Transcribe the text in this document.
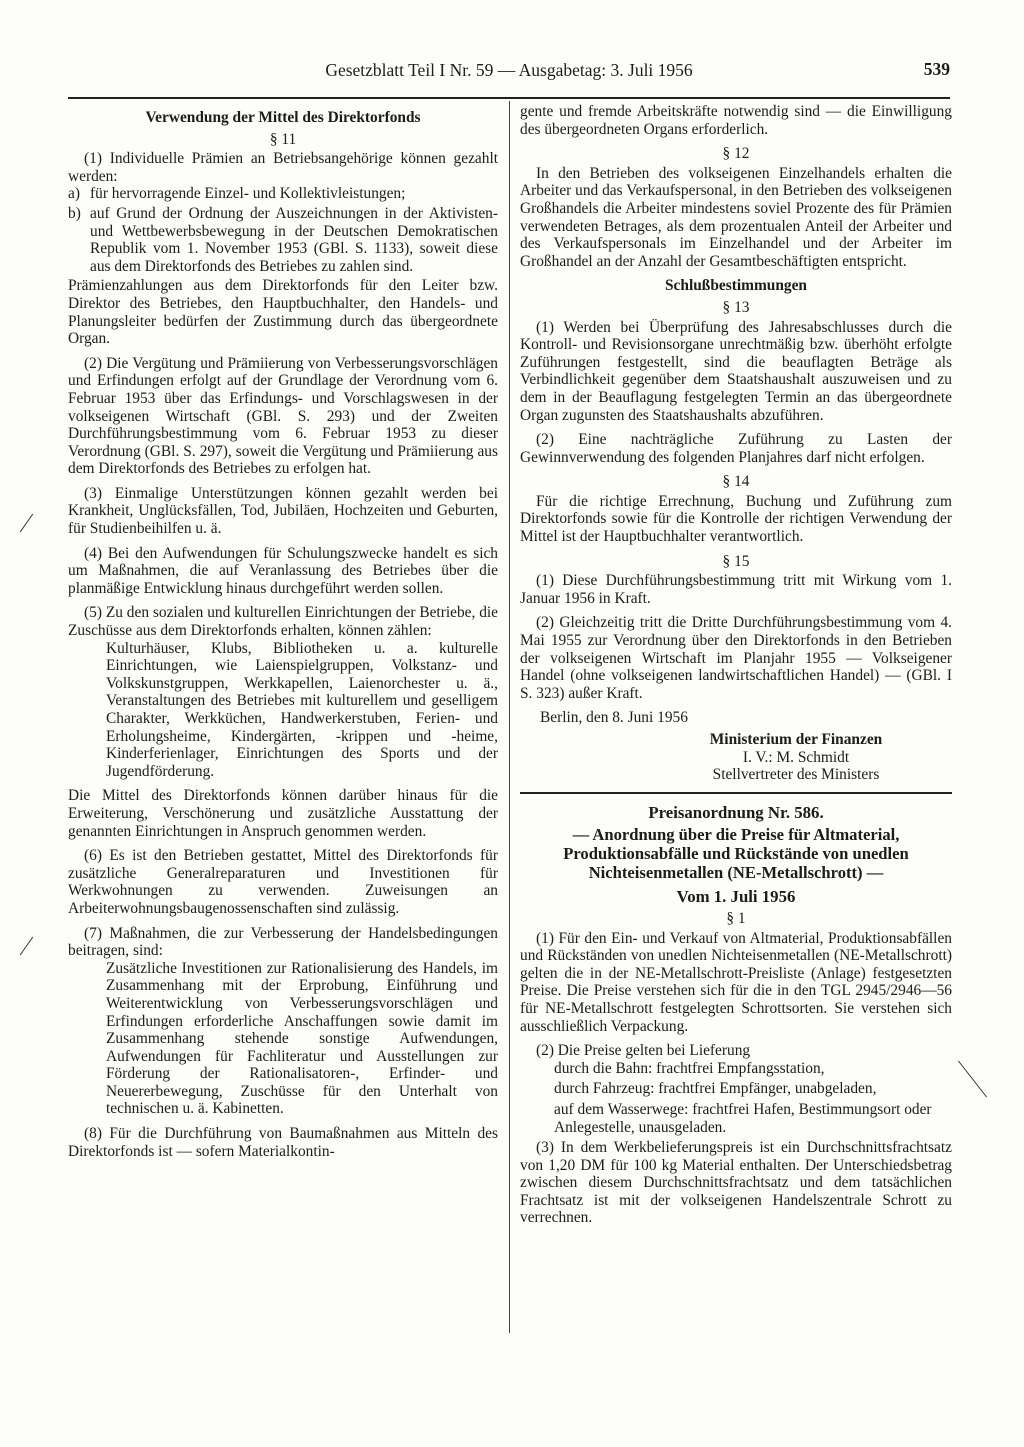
Gesetzblatt Teil I Nr. 59 — Ausgabetag: 3. Juli 1956	539
Verwendung der Mittel des Direktorfonds
§ 11

(1) Individuelle Prämien an Betriebsangehörige können gezahlt werden:

a) für hervorragende Einzel- und Kollektivleistungen;
b) auf Grund der Ordnung der Auszeichnungen in der Aktivisten- und Wettbewerbsbewegung in der Deutschen Demokratischen Republik vom 1. November 1953 (GBl. S. 1133), soweit diese aus dem Direktorfonds des Betriebes zu zahlen sind.

Prämienzahlungen aus dem Direktorfonds für den Leiter bzw. Direktor des Betriebes, den Hauptbuchhalter, den Handels- und Planungsleiter bedürfen der Zustimmung durch das übergeordnete Organ.

(2) Die Vergütung und Prämiierung von Verbesserungsvorschlägen und Erfindungen erfolgt auf der Grundlage der Verordnung vom 6. Februar 1953 über das Erfindungs- und Vorschlagswesen in der volkseigenen Wirtschaft (GBl. S. 293) und der Zweiten Durchführungsbestimmung vom 6. Februar 1953 zu dieser Verordnung (GBl. S. 297), soweit die Vergütung und Prämiierung aus dem Direktorfonds des Betriebes zu erfolgen hat.

(3) Einmalige Unterstützungen können gezahlt werden bei Krankheit, Unglücksfällen, Tod, Jubiläen, Hochzeiten und Geburten, für Studienbeihilfen u. ä.

(4) Bei den Aufwendungen für Schulungszwecke handelt es sich um Maßnahmen, die auf Veranlassung des Betriebes über die planmäßige Entwicklung hinaus durchgeführt werden sollen.

(5) Zu den sozialen und kulturellen Einrichtungen der Betriebe, die Zuschüsse aus dem Direktorfonds erhalten, können zählen:

Kulturhäuser, Klubs, Bibliotheken u. a. kulturelle Einrichtungen, wie Laienspielgruppen, Volkstanz- und Volkskunstgruppen, Werkkapellen, Laienorchester u. ä., Veranstaltungen des Betriebes mit kulturellem und geselligem Charakter, Werkküchen, Handwerkerstuben, Ferien- und Erholungsheime, Kindergärten, -krippen und -heime, Kinderferienlager, Einrichtungen des Sports und der Jugendförderung.

Die Mittel des Direktorfonds können darüber hinaus für die Erweiterung, Verschönerung und zusätzliche Ausstattung der genannten Einrichtungen in Anspruch genommen werden.

(6) Es ist den Betrieben gestattet, Mittel des Direktorfonds für zusätzliche Generalreparaturen und Investitionen für Werkwohnungen zu verwenden. Zuweisungen an Arbeiterwohnungsbaugenossenschaften sind zulässig.

(7) Maßnahmen, die zur Verbesserung der Handelsbedingungen beitragen, sind:

Zusätzliche Investitionen zur Rationalisierung des Handels, im Zusammenhang mit der Erprobung, Einführung und Weiterentwicklung von Verbesserungsvorschlägen und Erfindungen erforderliche Anschaffungen sowie damit im Zusammenhang stehende sonstige Aufwendungen, Aufwendungen für Fachliteratur und Ausstellungen zur Förderung der Rationalisatoren-, Erfinder- und Neuererbewegung, Zuschüsse für den Unterhalt von technischen u. ä. Kabinetten.

(8) Für die Durchführung von Baumaßnahmen aus Mitteln des Direktorfonds ist — sofern Materialkontin-

gente und fremde Arbeitskräfte notwendig sind — die Einwilligung des übergeordneten Organs erforderlich.

§ 12

In den Betrieben des volkseigenen Einzelhandels erhalten die Arbeiter und das Verkaufspersonal, in den Betrieben des volkseigenen Großhandels die Arbeiter mindestens soviel Prozente des für Prämien verwendeten Betrages, als dem prozentualen Anteil der Arbeiter und des Verkaufspersonals im Einzelhandel und der Arbeiter im Großhandel an der Anzahl der Gesamtbeschäftigten entspricht.

Schlußbestimmungen
§ 13

(1) Werden bei Überprüfung des Jahresabschlusses durch die Kontroll- und Revisionsorgane unrechtmäßig bzw. überhöht erfolgte Zuführungen festgestellt, sind die beauflagten Beträge als Verbindlichkeit gegenüber dem Staatshaushalt auszuweisen und zu dem in der Beauflagung festgelegten Termin an das übergeordnete Organ zugunsten des Staatshaushalts abzuführen.

(2) Eine nachträgliche Zuführung zu Lasten der Gewinnverwendung des folgenden Planjahres darf nicht erfolgen.

§ 14

Für die richtige Errechnung, Buchung und Zuführung zum Direktorfonds sowie für die Kontrolle der richtigen Verwendung der Mittel ist der Hauptbuchhalter verantwortlich.

§ 15

(1) Diese Durchführungsbestimmung tritt mit Wirkung vom 1. Januar 1956 in Kraft.

(2) Gleichzeitig tritt die Dritte Durchführungsbestimmung vom 4. Mai 1955 zur Verordnung über den Direktorfonds in den Betrieben der volkseigenen Wirtschaft im Planjahr 1955 — Volkseigener Handel (ohne volkseigenen landwirtschaftlichen Handel) — (GBl. I S. 323) außer Kraft.

Berlin, den 8. Juni 1956
Ministerium der Finanzen
I. V.: M. Schmidt
Stellvertreter des Ministers
Preisanordnung Nr. 586.
— Anordnung über die Preise für Altmaterial, Produktionsabfälle und Rückstände von unedlen Nichteisenmetallen (NE-Metallschrott) —
Vom 1. Juli 1956
§ 1

(1) Für den Ein- und Verkauf von Altmaterial, Produktionsabfällen und Rückständen von unedlen Nichteisenmetallen (NE-Metallschrott) gelten die in der NE-Metallschrott-Preisliste (Anlage) festgesetzten Preise. Die Preise verstehen sich für die in den TGL 2945/2946—56 für NE-Metallschrott festgelegten Schrottsorten. Sie verstehen sich ausschließlich Verpackung.

(2) Die Preise gelten bei Lieferung

durch die Bahn: frachtfrei Empfangsstation,
durch Fahrzeug: frachtfrei Empfänger, unabgeladen,
auf dem Wasserwege: frachtfrei Hafen, Bestimmungsort oder Anlegestelle, unausgeladen.

(3) In dem Werkbelieferungspreis ist ein Durchschnittsfrachtsatz von 1,20 DM für 100 kg Material enthalten. Der Unterschiedsbetrag zwischen diesem Durchschnittsfrachtsatz und dem tatsächlichen Frachtsatz ist mit der volkseigenen Handelszentrale Schrott zu verrechnen.
